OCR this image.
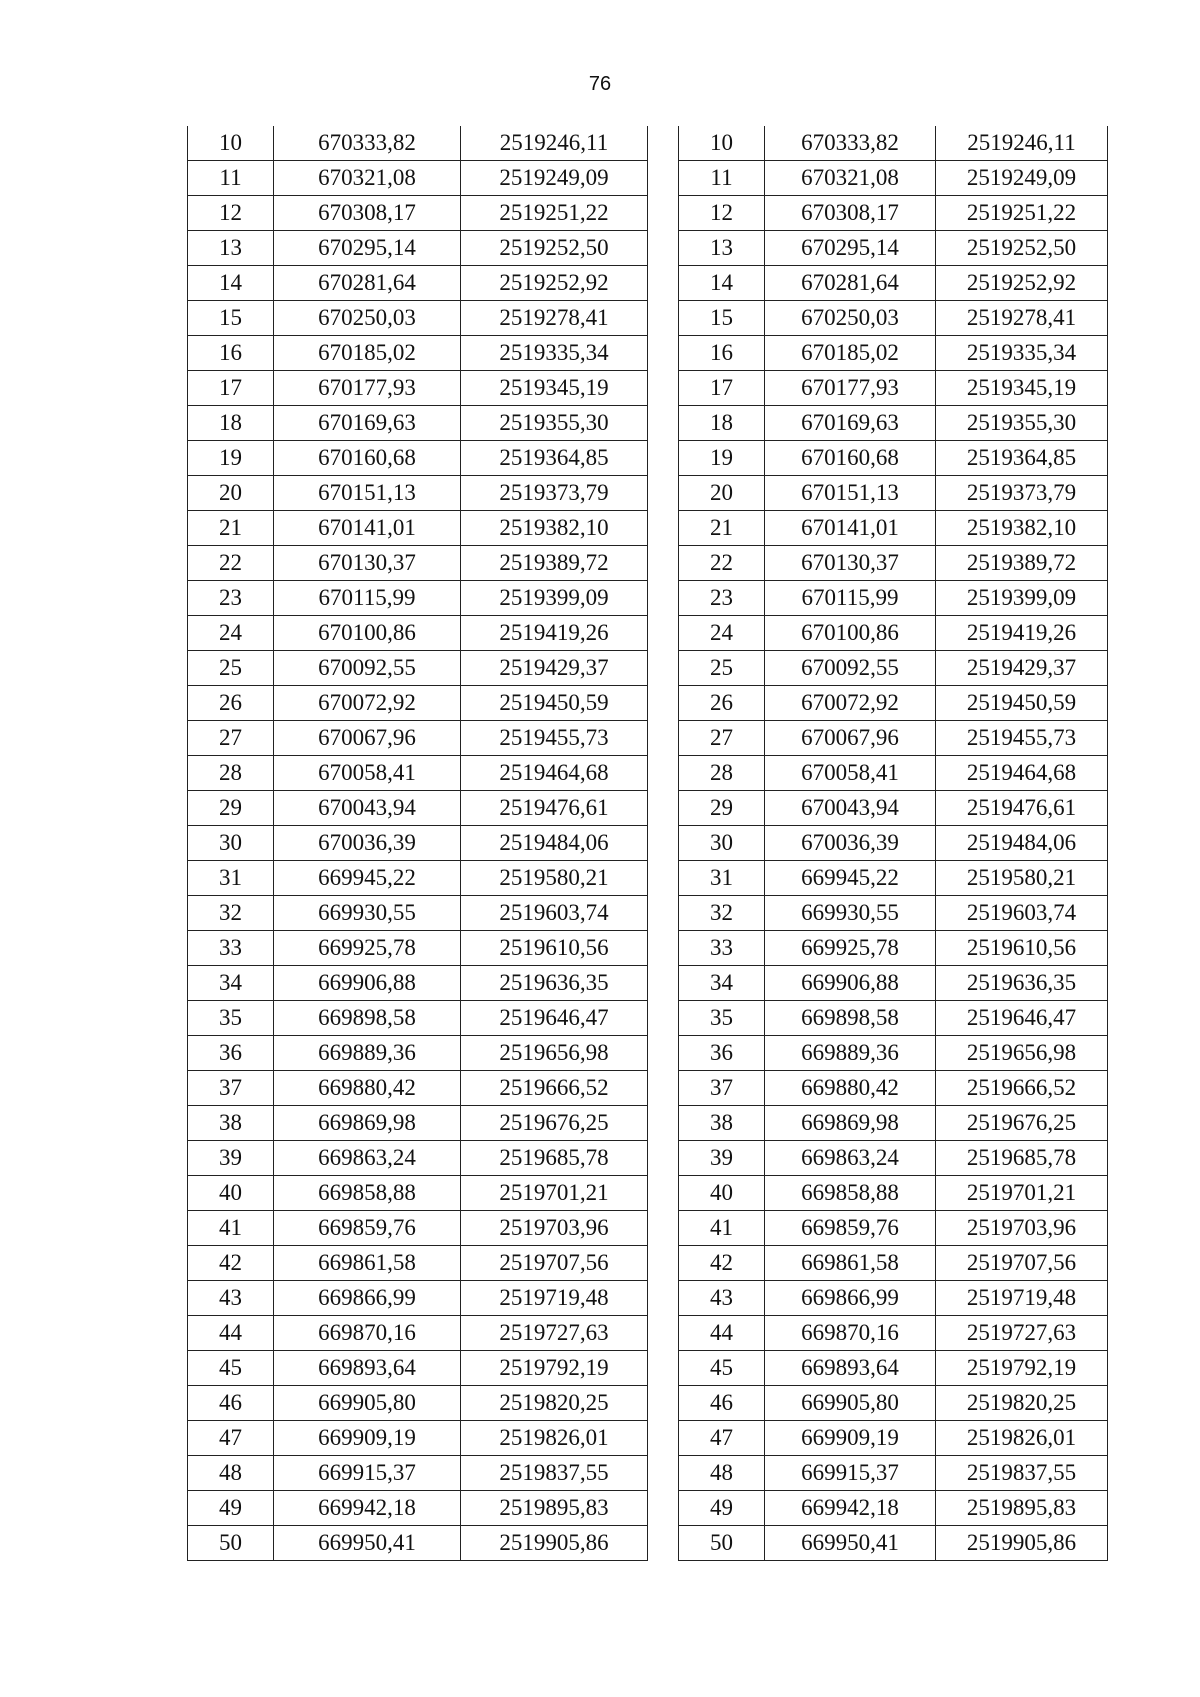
76
10	670333,82	2519246,11
11	670321,08	2519249,09
12	670308,17	2519251,22
13	670295,14	2519252,50
14	670281,64	2519252,92
15	670250,03	2519278,41
16	670185,02	2519335,34
17	670177,93	2519345,19
18	670169,63	2519355,30
19	670160,68	2519364,85
20	670151,13	2519373,79
21	670141,01	2519382,10
22	670130,37	2519389,72
23	670115,99	2519399,09
24	670100,86	2519419,26
25	670092,55	2519429,37
26	670072,92	2519450,59
27	670067,96	2519455,73
28	670058,41	2519464,68
29	670043,94	2519476,61
30	670036,39	2519484,06
31	669945,22	2519580,21
32	669930,55	2519603,74
33	669925,78	2519610,56
34	669906,88	2519636,35
35	669898,58	2519646,47
36	669889,36	2519656,98
37	669880,42	2519666,52
38	669869,98	2519676,25
39	669863,24	2519685,78
40	669858,88	2519701,21
41	669859,76	2519703,96
42	669861,58	2519707,56
43	669866,99	2519719,48
44	669870,16	2519727,63
45	669893,64	2519792,19
46	669905,80	2519820,25
47	669909,19	2519826,01
48	669915,37	2519837,55
49	669942,18	2519895,83
50	669950,41	2519905,86
10	670333,82	2519246,11
11	670321,08	2519249,09
12	670308,17	2519251,22
13	670295,14	2519252,50
14	670281,64	2519252,92
15	670250,03	2519278,41
16	670185,02	2519335,34
17	670177,93	2519345,19
18	670169,63	2519355,30
19	670160,68	2519364,85
20	670151,13	2519373,79
21	670141,01	2519382,10
22	670130,37	2519389,72
23	670115,99	2519399,09
24	670100,86	2519419,26
25	670092,55	2519429,37
26	670072,92	2519450,59
27	670067,96	2519455,73
28	670058,41	2519464,68
29	670043,94	2519476,61
30	670036,39	2519484,06
31	669945,22	2519580,21
32	669930,55	2519603,74
33	669925,78	2519610,56
34	669906,88	2519636,35
35	669898,58	2519646,47
36	669889,36	2519656,98
37	669880,42	2519666,52
38	669869,98	2519676,25
39	669863,24	2519685,78
40	669858,88	2519701,21
41	669859,76	2519703,96
42	669861,58	2519707,56
43	669866,99	2519719,48
44	669870,16	2519727,63
45	669893,64	2519792,19
46	669905,80	2519820,25
47	669909,19	2519826,01
48	669915,37	2519837,55
49	669942,18	2519895,83
50	669950,41	2519905,86
